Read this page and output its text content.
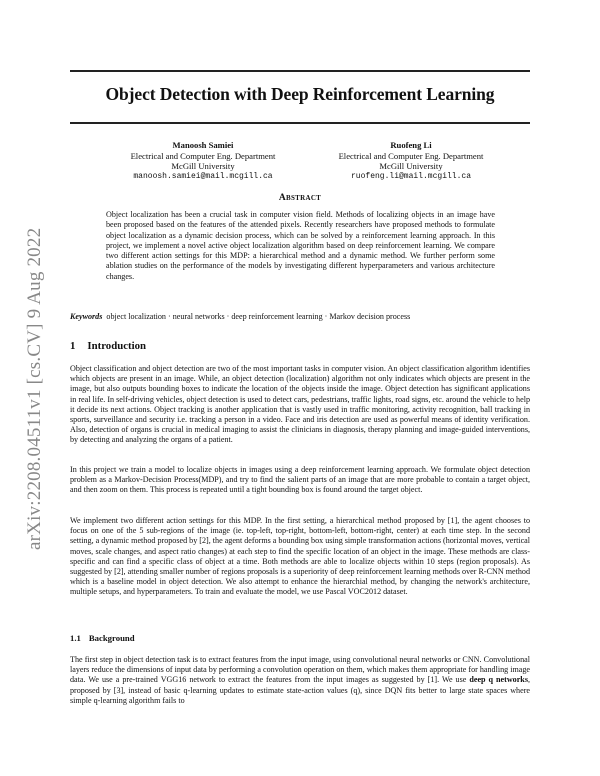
arXiv:2208.04511v1 [cs.CV] 9 Aug 2022
Object Detection with Deep Reinforcement Learning
Manoosh Samiei
Electrical and Computer Eng. Department
McGill University
manoosh.samiei@mail.mcgill.ca
Ruofeng Li
Electrical and Computer Eng. Department
McGill University
ruofeng.li@mail.mcgill.ca
Abstract

Object localization has been a crucial task in computer vision field. Methods of localizing objects in an image have been proposed based on the features of the attended pixels. Recently researchers have proposed methods to formulate object localization as a dynamic decision process, which can be solved by a reinforcement learning approach. In this project, we implement a novel active object localization algorithm based on deep reinforcement learning. We compare two different action settings for this MDP: a hierarchical method and a dynamic method. We further perform some ablation studies on the performance of the models by investigating different hyperparameters and various architecture changes.

Keywords object localization · neural networks · deep reinforcement learning · Markov decision process

1 Introduction

Object classification and object detection are two of the most important tasks in computer vision. An object classification algorithm identifies which objects are present in an image. While, an object detection (localization) algorithm not only indicates which objects are present in the image, but also outputs bounding boxes to indicate the location of the objects inside the image. Object detection has significant applications in real life. In self-driving vehicles, object detection is used to detect cars, pedestrians, traffic lights, road signs, etc. around the vehicle to help it decide its next actions. Object tracking is another application that is vastly used in traffic monitoring, activity recognition, ball tracking in sports, surveillance and security i.e. tracking a person in a video. Face and iris detection are used as powerful means of identity verification. Also, detection of organs is crucial in medical imaging to assist the clinicians in diagnosis, therapy planning and image-guided interventions, by detecting and analyzing the organs of a patient.

In this project we train a model to localize objects in images using a deep reinforcement learning approach. We formulate object detection problem as a Markov-Decision Process(MDP), and try to find the salient parts of an image that are more probable to contain a target object, and then zoom on them. This process is repeated until a tight bounding box is found around the target object.

We implement two different action settings for this MDP. In the first setting, a hierarchical method proposed by [1], the agent chooses to focus on one of the 5 sub-regions of the image (ie. top-left, top-right, bottom-left, bottom-right, center) at each time step. In the second setting, a dynamic method proposed by [2], the agent deforms a bounding box using simple transformation actions (horizontal moves, vertical moves, scale changes, and aspect ratio changes) at each step to find the specific location of an object in the image. These methods are class-specific and can find a specific class of object at a time. Both methods are able to localize objects within 10 steps (region proposals). As suggested by [2], attending smaller number of regions proposals is a superiority of deep reinforcement learning methods over R-CNN method which is a baseline model in object detection. We also attempt to enhance the hierarchial method, by changing the network's architecture, multiple setups, and hyperparameters. To train and evaluate the model, we use Pascal VOC2012 dataset.

1.1 Background

The first step in object detection task is to extract features from the input image, using convolutional neural networks or CNN. Convolutional layers reduce the dimensions of input data by performing a convolution operation on them, which makes them appropriate for handling image data. We use a pre-trained VGG16 network to extract the features from the input images as suggested by [1]. We use deep q networks, proposed by [3], instead of basic q-learning updates to estimate state-action values (q), since DQN fits better to large state spaces where simple q-learning algorithm fails to
